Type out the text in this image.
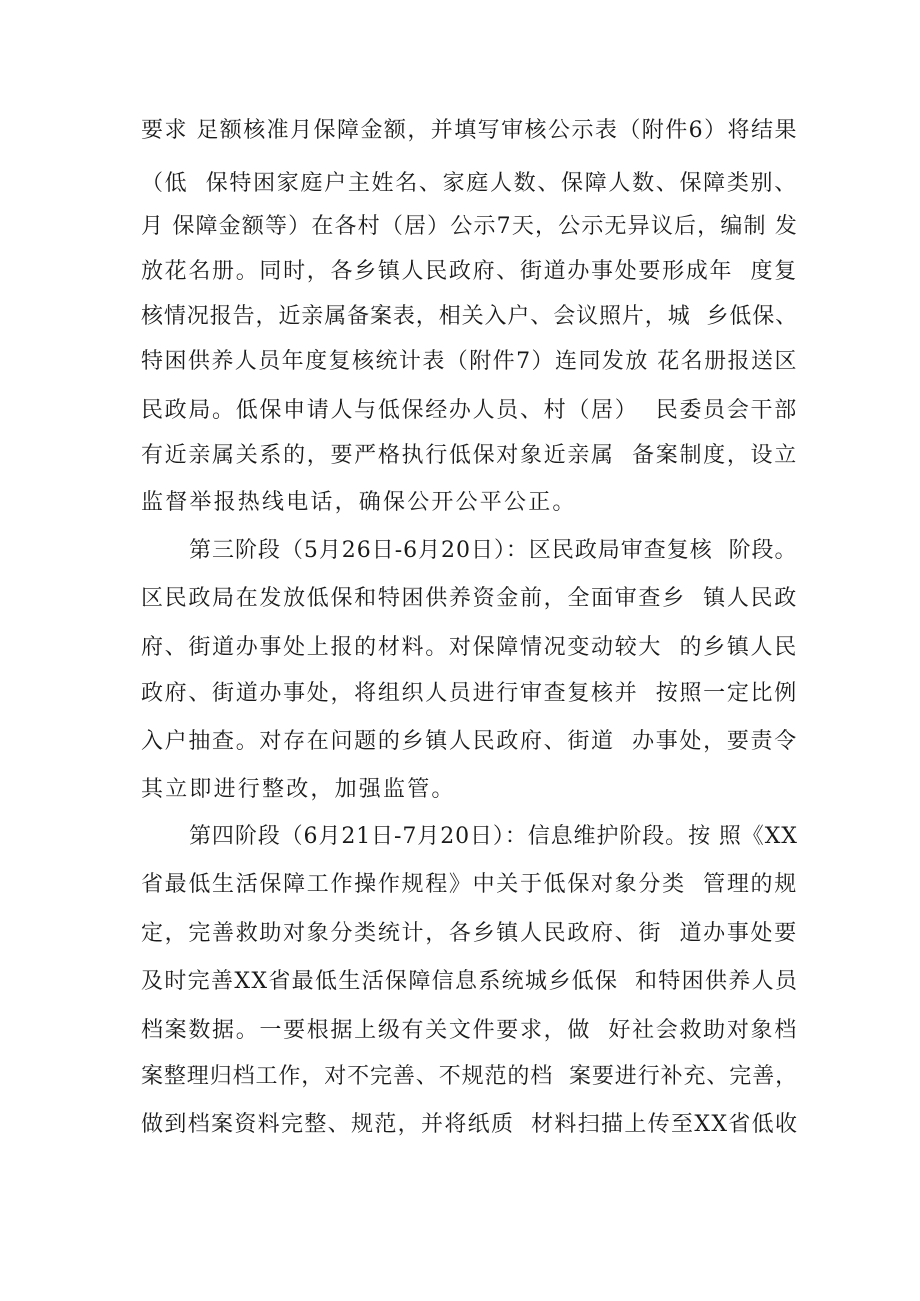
要求 足额核准月保障金额，并填写审核公示表（附件6）将结果
（低  保特困家庭户主姓名、家庭人数、保障人数、保障类别、
月 保障金额等）在各村（居）公示7天，公示无异议后，编制 发
放花名册。同时，各乡镇人民政府、街道办事处要形成年  度复
核情况报告，近亲属备案表，相关入户、会议照片，城  乡低保、
特困供养人员年度复核统计表（附件7）连同发放 花名册报送区
民政局。低保申请人与低保经办人员、村（居）  民委员会干部
有近亲属关系的，要严格执行低保对象近亲属  备案制度，设立
监督举报热线电话，确保公开公平公正。
第三阶段（5月26日-6月20日）：区民政局审查复核  阶段。
区民政局在发放低保和特困供养资金前，全面审查乡  镇人民政
府、街道办事处上报的材料。对保障情况变动较大  的乡镇人民
政府、街道办事处，将组织人员进行审查复核并  按照一定比例
入户抽查。对存在问题的乡镇人民政府、街道  办事处，要责令
其立即进行整改，加强监管。
第四阶段（6月21日-7月20日）：信息维护阶段。按 照《XX
省最低生活保障工作操作规程》中关于低保对象分类  管理的规
定，完善救助对象分类统计，各乡镇人民政府、街  道办事处要
及时完善XX省最低生活保障信息系统城乡低保  和特困供养人员
档案数据。一要根据上级有关文件要求，做  好社会救助对象档
案整理归档工作，对不完善、不规范的档  案要进行补充、完善，
做到档案资料完整、规范，并将纸质  材料扫描上传至XX省低收
